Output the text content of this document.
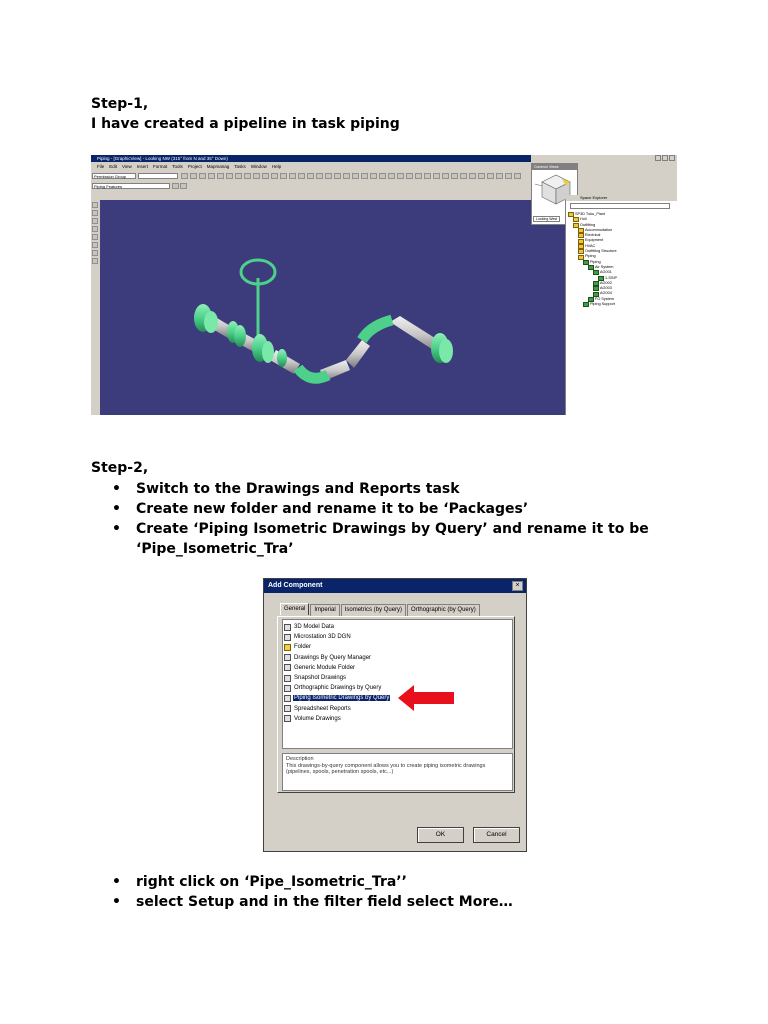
Step-1,
I have created a pipeline in task piping
Piping - [GraphicView] - Looking NW (315° from N and 35° Down)
File Edit View Insert Format Tools Project Mapmanag Tasks Window Help
Permission Group
Piping Features
Common Views
Looking West
Space Explorer
SP3D Tuku_Plant
Hull
Outfitting
Accommodation
Electrical
Equipment
HVAC
Outfitting Structure
Piping
Piping
Air System
AG001
1-SSIP
AG002
AG003
AG004
FO System
Piping Support
Step-2,
• Switch to the Drawings and Reports task
• Create new folder and rename it to be ‘Packages’
• Create ‘Piping Isometric Drawings by Query’ and rename it to be
‘Pipe_Isometric_Tra’
Add Component	×
General	Imperial	Isometrics (by Query)	Orthographic (by Query)
3D Model Data
Microstation 3D DGN
Folder
Drawings By Query Manager
Generic Module Folder
Snapshot Drawings
Orthographic Drawings by Query
Piping Isometric Drawings by Query
Spreadsheet Reports
Volume Drawings
Description
This drawings-by-query component allows you to create piping isometric drawings (pipelines, spools, penetration spools, etc...)
OK	Cancel
• right click on ‘Pipe_Isometric_Tra’’
• select Setup and in the filter field select More…
